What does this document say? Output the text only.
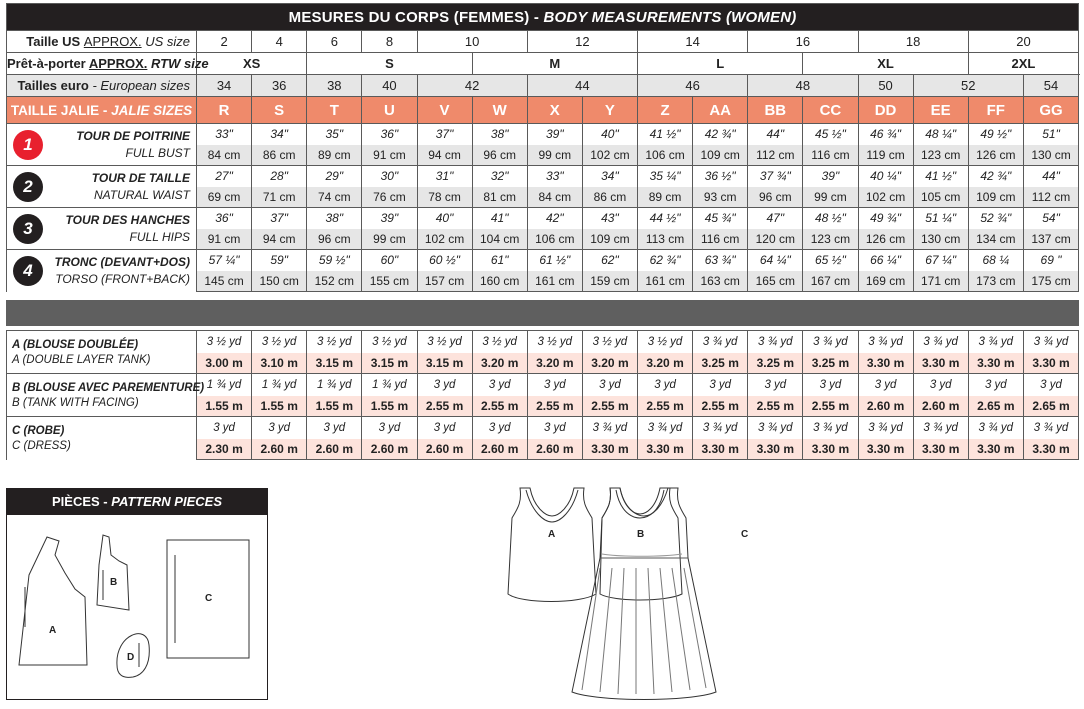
MESURES DU CORPS (FEMMES) - BODY MEASUREMENTS (WOMEN)																	
Taille US APPROX. US size	2	4	6	8	10		12		14		16		18		20		
Prêt-à-porter APPROX. RTW size	XS		S			M			L			XL			2XL		
Tailles euro - European sizes	34	36	38	40	42		44		46		48		50	52		54	
TAILLE JALIE - JALIE SIZES	R	S	T	U	V	W	X	Y	Z	AA	BB	CC	DD	EE	FF	GG	

1 TOUR DE POITRINE
FULL BUST	33"	34"	35"	36"	37"	38"	39"	40"	41 ½"	42 ¾"	44"	45 ½"	46 ¾"	48 ¼"	49 ½"	51"	
	84 cm	86 cm	89 cm	91 cm	94 cm	96 cm	99 cm	102 cm	106 cm	109 cm	112 cm	116 cm	119 cm	123 cm	126 cm	130 cm	

2 TOUR DE TAILLE
NATURAL WAIST	27"	28"	29"	30"	31"	32"	33"	34"	35 ¼"	36 ½"	37 ¾"	39"	40 ¼"	41 ½"	42 ¾"	44"	
	69 cm	71 cm	74 cm	76 cm	78 cm	81 cm	84 cm	86 cm	89 cm	93 cm	96 cm	99 cm	102 cm	105 cm	109 cm	112 cm	

3 TOUR DES HANCHES
FULL HIPS	36"	37"	38"	39"	40"	41"	42"	43"	44 ½"	45 ¾"	47"	48 ½"	49 ¾"	51 ¼"	52 ¾"	54"	
	91 cm	94 cm	96 cm	99 cm	102 cm	104 cm	106 cm	109 cm	113 cm	116 cm	120 cm	123 cm	126 cm	130 cm	134 cm	137 cm	

4 TRONC (DEVANT+DOS)
TORSO (FRONT+BACK)	57 ¼"	59"	59 ½"	60"	60 ½"	61"	61 ½"	62"	62 ¾"	63 ¾"	64 ¼"	65 ½"	66 ¼"	67 ¼"	68 ¼	69 "	
	145 cm	150 cm	152 cm	155 cm	157 cm	160 cm	161 cm	159 cm	161 cm	163 cm	165 cm	167 cm	169 cm	171 cm	173 cm	175 cm	

A (BLOUSE DOUBLÉE)
A (DOUBLE LAYER TANK)	3 ½ yd	3 ½ yd	3 ½ yd	3 ½ yd	3 ½ yd	3 ½ yd	3 ½ yd	3 ½ yd	3 ½ yd	3 ¾ yd	3 ¾ yd	3 ¾ yd	3 ¾ yd	3 ¾ yd	3 ¾ yd	3 ¾ yd	
	3.00 m	3.10 m	3.15 m	3.15 m	3.15 m	3.20 m	3.20 m	3.20 m	3.20 m	3.25 m	3.25 m	3.25 m	3.30 m	3.30 m	3.30 m	3.30 m	

B (BLOUSE AVEC PAREMENTURE)
B (TANK WITH FACING)	1 ¾ yd	1 ¾ yd	1 ¾ yd	1 ¾ yd	3 yd	3 yd	3 yd	3 yd	3 yd	3 yd	3 yd	3 yd	3 yd	3 yd	3 yd	3 yd	
	1.55 m	1.55 m	1.55 m	1.55 m	2.55 m	2.55 m	2.55 m	2.55 m	2.55 m	2.55 m	2.55 m	2.55 m	2.60 m	2.60 m	2.65 m	2.65 m	

C (ROBE)
C (DRESS)	3 yd	3 yd	3 yd	3 yd	3 yd	3 yd	3 yd	3 ¾ yd	3 ¾ yd	3 ¾ yd	3 ¾ yd	3 ¾ yd	3 ¾ yd	3 ¾ yd	3 ¾ yd	3 ¾ yd	
	2.30 m	2.60 m	2.60 m	2.60 m	2.60 m	2.60 m	2.60 m	3.30 m	3.30 m	3.30 m	3.30 m	3.30 m	3.30 m	3.30 m	3.30 m	3.30 m	
PIÈCES - PATTERN PIECES
A
B
C
D
A	B	C
